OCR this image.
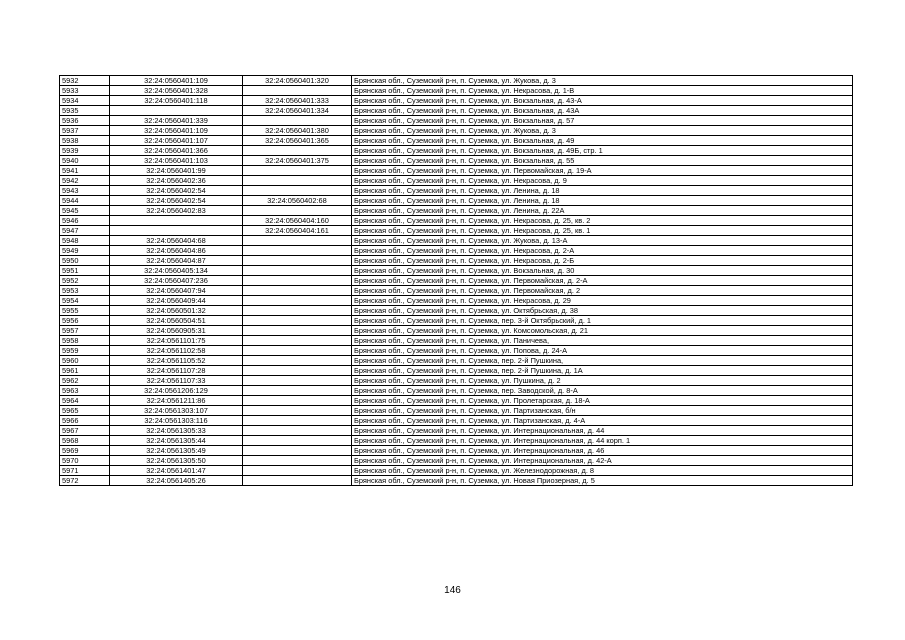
5932	32:24:0560401:109	32:24:0560401:320	Брянская обл., Суземский р-н, п. Суземка, ул. Жукова, д. 3
5933	32:24:0560401:328		Брянская обл., Суземский р-н, п. Суземка, ул. Некрасова, д. 1-В
5934	32:24:0560401:118	32:24:0560401:333	Брянская обл., Суземский р-н, п. Суземка, ул. Вокзальная, д. 43-А
5935		32:24:0560401:334	Брянская обл., Суземский р-н, п. Суземка, ул. Вокзальная, д. 43А
5936	32:24:0560401:339		Брянская обл., Суземский р-н, п. Суземка, ул. Вокзальная, д. 57
5937	32:24:0560401:109	32:24:0560401:380	Брянская обл., Суземский р-н, п. Суземка, ул. Жукова, д. 3
5938	32:24:0560401:107	32:24:0560401:365	Брянская обл., Суземский р-н, п. Суземка, ул. Вокзальная, д. 49
5939	32:24:0560401:366		Брянская обл., Суземский р-н, п. Суземка, ул. Вокзальная, д. 49Б, стр. 1
5940	32:24:0560401:103	32:24:0560401:375	Брянская обл., Суземский р-н, п. Суземка, ул. Вокзальная, д. 55
5941	32:24:0560401:99		Брянская обл., Суземский р-н, п. Суземка, ул. Первомайская, д. 19-А
5942	32:24:0560402:36		Брянская обл., Суземский р-н, п. Суземка, ул. Некрасова, д. 9
5943	32:24:0560402:54		Брянская обл., Суземский р-н, п. Суземка, ул. Ленина, д. 18
5944	32:24:0560402:54	32:24:0560402:68	Брянская обл., Суземский р-н, п. Суземка, ул. Ленина, д. 18
5945	32:24:0560402:83		Брянская обл., Суземский р-н, п. Суземка, ул. Ленина, д. 22А
5946		32:24:0560404:160	Брянская обл., Суземский р-н, п. Суземка, ул. Некрасова, д. 25, кв. 2
5947		32:24:0560404:161	Брянская обл., Суземский р-н, п. Суземка, ул. Некрасова, д. 25, кв. 1
5948	32:24:0560404:68		Брянская обл., Суземский р-н, п. Суземка, ул. Жукова, д. 13-А
5949	32:24:0560404:86		Брянская обл., Суземский р-н, п. Суземка, ул. Некрасова, д. 2-А
5950	32:24:0560404:87		Брянская обл., Суземский р-н, п. Суземка, ул. Некрасова, д. 2-Б
5951	32:24:0560405:134		Брянская обл., Суземский р-н, п. Суземка, ул. Вокзальная, д. 30
5952	32:24:0560407:236		Брянская обл., Суземский р-н, п. Суземка, ул. Первомайская, д. 2-А
5953	32:24:0560407:94		Брянская обл., Суземский р-н, п. Суземка, ул. Первомайская, д. 2
5954	32:24:0560409:44		Брянская обл., Суземский р-н, п. Суземка, ул. Некрасова, д. 29
5955	32:24:0560501:32		Брянская обл., Суземский р-н, п. Суземка, ул. Октябрьская, д. 38
5956	32:24:0560504:51		Брянская обл., Суземский р-н, п. Суземка, пер. 3-й Октябрьский, д. 1
5957	32:24:0560905:31		Брянская обл., Суземский р-н, п. Суземка, ул. Комсомольская, д. 21
5958	32:24:0561101:75		Брянская обл., Суземский р-н, п. Суземка, ул. Паничева,
5959	32:24:0561102:58		Брянская обл., Суземский р-н, п. Суземка, ул. Попова, д. 24-А
5960	32:24:0561105:52		Брянская обл., Суземский р-н, п. Суземка, пер. 2-й Пушкина,
5961	32:24:0561107:28		Брянская обл., Суземский р-н, п. Суземка, пер. 2-й Пушкина, д. 1А
5962	32:24:0561107:33		Брянская обл., Суземский р-н, п. Суземка, ул. Пушкина, д. 2
5963	32:24:0561206:129		Брянская обл., Суземский р-н, п. Суземка, пер. Заводской, д. 8-А
5964	32:24:0561211:86		Брянская обл., Суземский р-н, п. Суземка, ул. Пролетарская, д. 18-А
5965	32:24:0561303:107		Брянская обл., Суземский р-н, п. Суземка, ул. Партизанская, б/н
5966	32:24:0561303:116		Брянская обл., Суземский р-н, п. Суземка, ул. Партизанская, д. 4-А
5967	32:24:0561305:33		Брянская обл., Суземский р-н, п. Суземка, ул. Интернациональная, д. 44
5968	32:24:0561305:44		Брянская обл., Суземский р-н, п. Суземка, ул. Интернациональная, д. 44 корп. 1
5969	32:24:0561305:49		Брянская обл., Суземский р-н, п. Суземка, ул. Интернациональная, д. 46
5970	32:24:0561305:50		Брянская обл., Суземский р-н, п. Суземка, ул. Интернациональная, д. 42-А
5971	32:24:0561401:47		Брянская обл., Суземский р-н, п. Суземка, ул. Железнодорожная, д. 8
5972	32:24:0561405:26		Брянская обл., Суземский р-н, п. Суземка, ул. Новая Приозерная, д. 5
146
